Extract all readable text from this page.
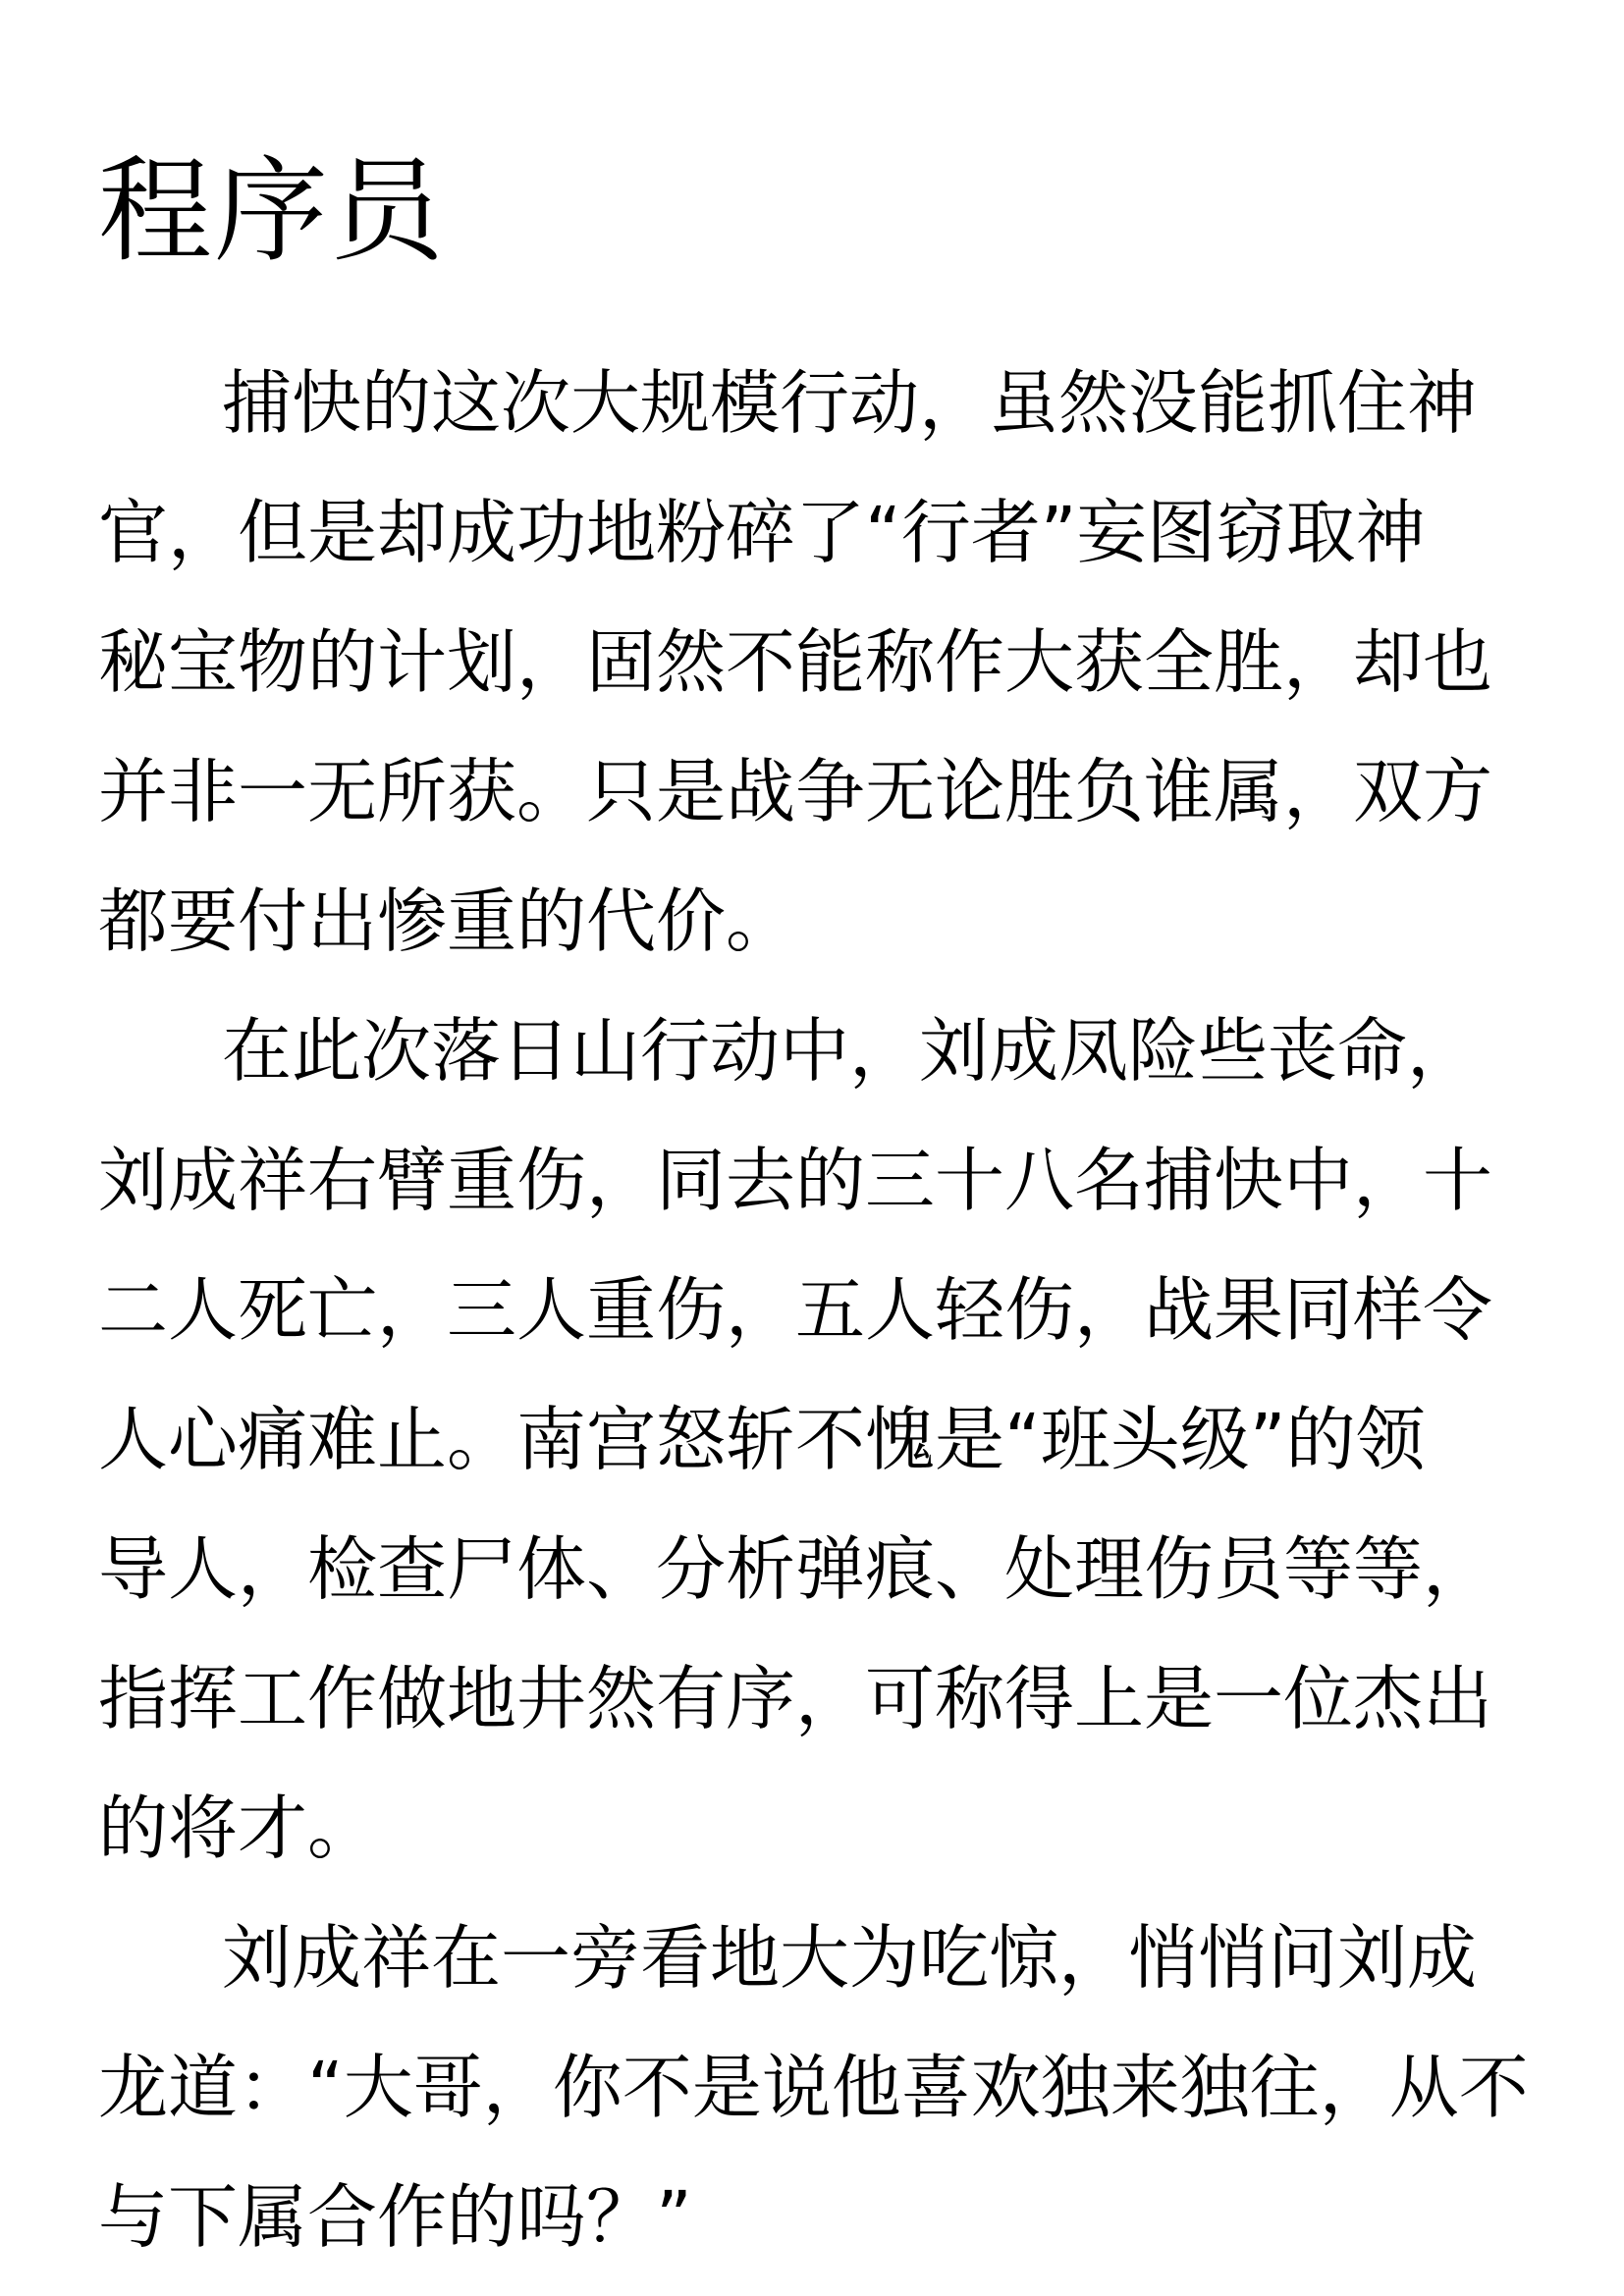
程序员
捕快的这次大规模行动，虽然没能抓住神
官，但是却成功地粉碎了“行者”妄图窃取神
秘宝物的计划，固然不能称作大获全胜，却也
并非一无所获。只是战争无论胜负谁属，双方
都要付出惨重的代价。
在此次落日山行动中，刘成凤险些丧命，
刘成祥右臂重伤，同去的三十八名捕快中，十
二人死亡，三人重伤，五人轻伤，战果同样令
人心痛难止。南宫怒斩不愧是“班头级”的领
导人，检查尸体、分析弹痕、处理伤员等等，
指挥工作做地井然有序，可称得上是一位杰出
的将才。
刘成祥在一旁看地大为吃惊，悄悄问刘成
龙道：“大哥，你不是说他喜欢独来独往，从不
与下属合作的吗？”
